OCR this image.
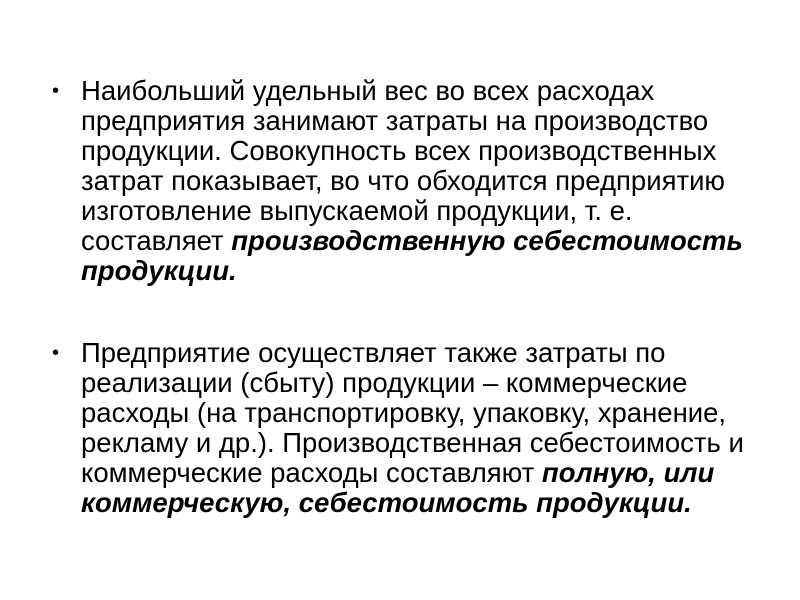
• Наибольший удельный вес во всех расходах предприятия занимают затраты на производство продукции. Совокупность всех производственных затрат показывает, во что обходится предприятию изготовление выпускаемой продукции, т. е. составляет производственную себестоимость продукции.
• Предприятие осуществляет также затраты по реализации (сбыту) продукции – коммерческие расходы (на транспортировку, упаковку, хранение, рекламу и др.). Производственная себестоимость и коммерческие расходы составляют полную, или коммерческую, себестоимость продукции.
